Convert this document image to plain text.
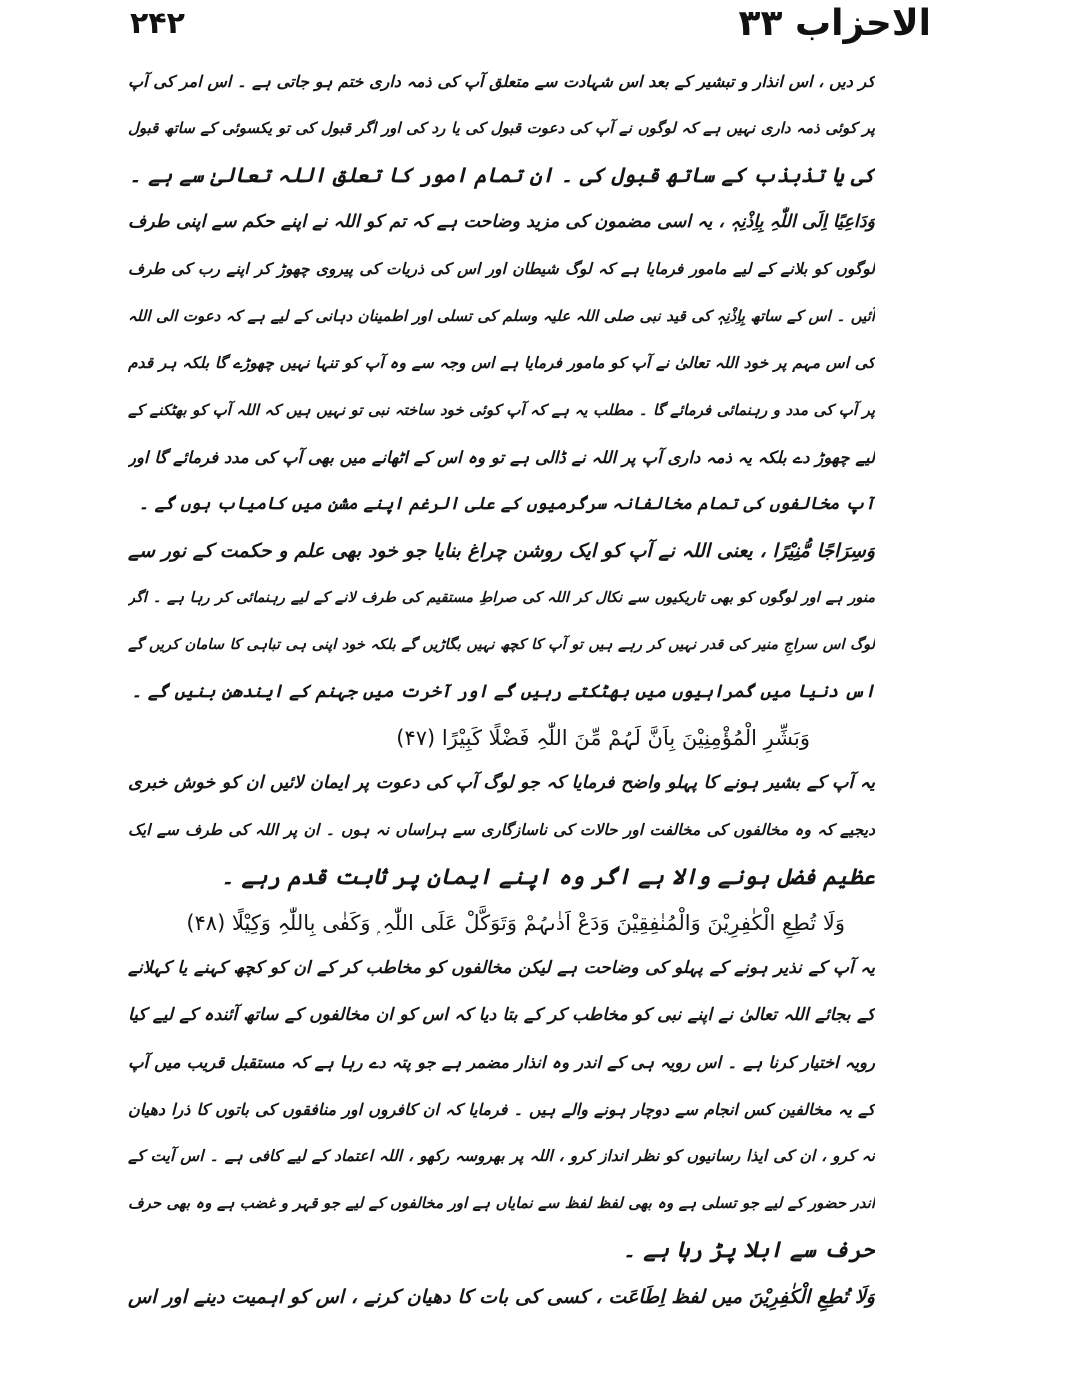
الاحزاب ۳۳
۲۴۲
کر دیں ، اس انذار و تبشیر کے بعد اس شہادت سے متعلق آپ کی ذمہ داری ختم ہو جاتی ہے ۔ اس امر کی آپ
پر کوئی ذمہ داری نہیں ہے کہ لوگوں نے آپ کی دعوت قبول کی یا رد کی اور اگر قبول کی تو یکسوئی کے ساتھ قبول
کی یا تذبذب کے ساتھ قبول کی ۔ ان تمام امور کا تعلق اللہ تعالیٰ سے ہے ۔
وَدَاعِیًا اِلَی اللّٰہِ بِاِذْنِہٖ ، یہ اسی مضمون کی مزید وضاحت ہے کہ تم کو اللہ نے اپنے حکم سے اپنی طرف
لوگوں کو بلانے کے لیے مامور فرمایا ہے کہ لوگ شیطان اور اس کی ذریات کی پیروی چھوڑ کر اپنے رب کی طرف
آئیں ۔ اس کے ساتھ بِاِذْنِہٖ کی قید نبی صلی اللہ علیہ وسلم کی تسلی اور اطمینان دہانی کے لیے ہے کہ دعوت الی اللہ
کی اس مہم پر خود اللہ تعالیٰ نے آپ کو مامور فرمایا ہے اس وجہ سے وہ آپ کو تنہا نہیں چھوڑے گا بلکہ ہر قدم
پر آپ کی مدد و رہنمائی فرمائے گا ۔ مطلب یہ ہے کہ آپ کوئی خود ساختہ نبی تو نہیں ہیں کہ اللہ آپ کو بھٹکنے کے
لیے چھوڑ دے بلکہ یہ ذمہ داری آپ پر اللہ نے ڈالی ہے تو وہ اس کے اٹھانے میں بھی آپ کی مدد فرمائے گا اور
آپ مخالفوں کی تمام مخالفانہ سرگرمیوں کے علی الرغم اپنے مشن میں کامیاب ہوں گے ۔
وَسِرَاجًا مُّنِیْرًا ، یعنی اللہ نے آپ کو ایک روشن چراغ بنایا جو خود بھی علم و حکمت کے نور سے
منور ہے اور لوگوں کو بھی تاریکیوں سے نکال کر اللہ کی صراطِ مستقیم کی طرف لانے کے لیے رہنمائی کر رہا ہے ۔ اگر
لوگ اس سراجِ منیر کی قدر نہیں کر رہے ہیں تو آپ کا کچھ نہیں بگاڑیں گے بلکہ خود اپنی ہی تباہی کا سامان کریں گے
اس دنیا میں گمراہیوں میں بھٹکتے رہیں گے اور آخرت میں جہنم کے ایندھن بنیں گے ۔
وَبَشِّرِ الْمُؤْمِنِیْنَ بِاَنَّ لَہُمْ مِّنَ اللّٰہِ فَضْلًا کَبِیْرًا (۴۷)
یہ آپ کے بشیر ہونے کا پہلو واضح فرمایا کہ جو لوگ آپ کی دعوت پر ایمان لائیں ان کو خوش خبری
دیجیے کہ وہ مخالفوں کی مخالفت اور حالات کی ناسازگاری سے ہراساں نہ ہوں ۔ ان پر اللہ کی طرف سے ایک
عظیم فضل ہونے والا ہے اگر وہ اپنے ایمان پر ثابت قدم رہے ۔
وَلَا تُطِعِ الْکٰفِرِیْنَ وَالْمُنٰفِقِیْنَ وَدَعْ اَذٰىہُمْ وَتَوَکَّلْ عَلَی اللّٰہِ ۭ وَکَفٰی بِاللّٰہِ وَکِیْلًا (۴۸)
یہ آپ کے نذیر ہونے کے پہلو کی وضاحت ہے لیکن مخالفوں کو مخاطب کر کے ان کو کچھ کہنے یا کہلانے
کے بجائے اللہ تعالیٰ نے اپنے نبی کو مخاطب کر کے بتا دیا کہ اس کو ان مخالفوں کے ساتھ آئندہ کے لیے کیا
رویہ اختیار کرنا ہے ۔ اس رویہ ہی کے اندر وہ انذار مضمر ہے جو پتہ دے رہا ہے کہ مستقبل قریب میں آپ
کے یہ مخالفین کس انجام سے دوچار ہونے والے ہیں ۔ فرمایا کہ ان کافروں اور منافقوں کی باتوں کا ذرا دھیان
نہ کرو ، ان کی ایذا رسانیوں کو نظر انداز کرو ، اللہ پر بھروسہ رکھو ، اللہ اعتماد کے لیے کافی ہے ۔ اس آیت کے
اندر حضور کے لیے جو تسلی ہے وہ بھی لفظ لفظ سے نمایاں ہے اور مخالفوں کے لیے جو قہر و غضب ہے وہ بھی حرف
حرف سے ابلا پڑ رہا ہے ۔
وَلَا تُطِعِ الْکٰفِرِیْنَ میں لفظ اِطَاعَت ، کسی کی بات کا دھیان کرنے ، اس کو اہمیت دینے اور اس
